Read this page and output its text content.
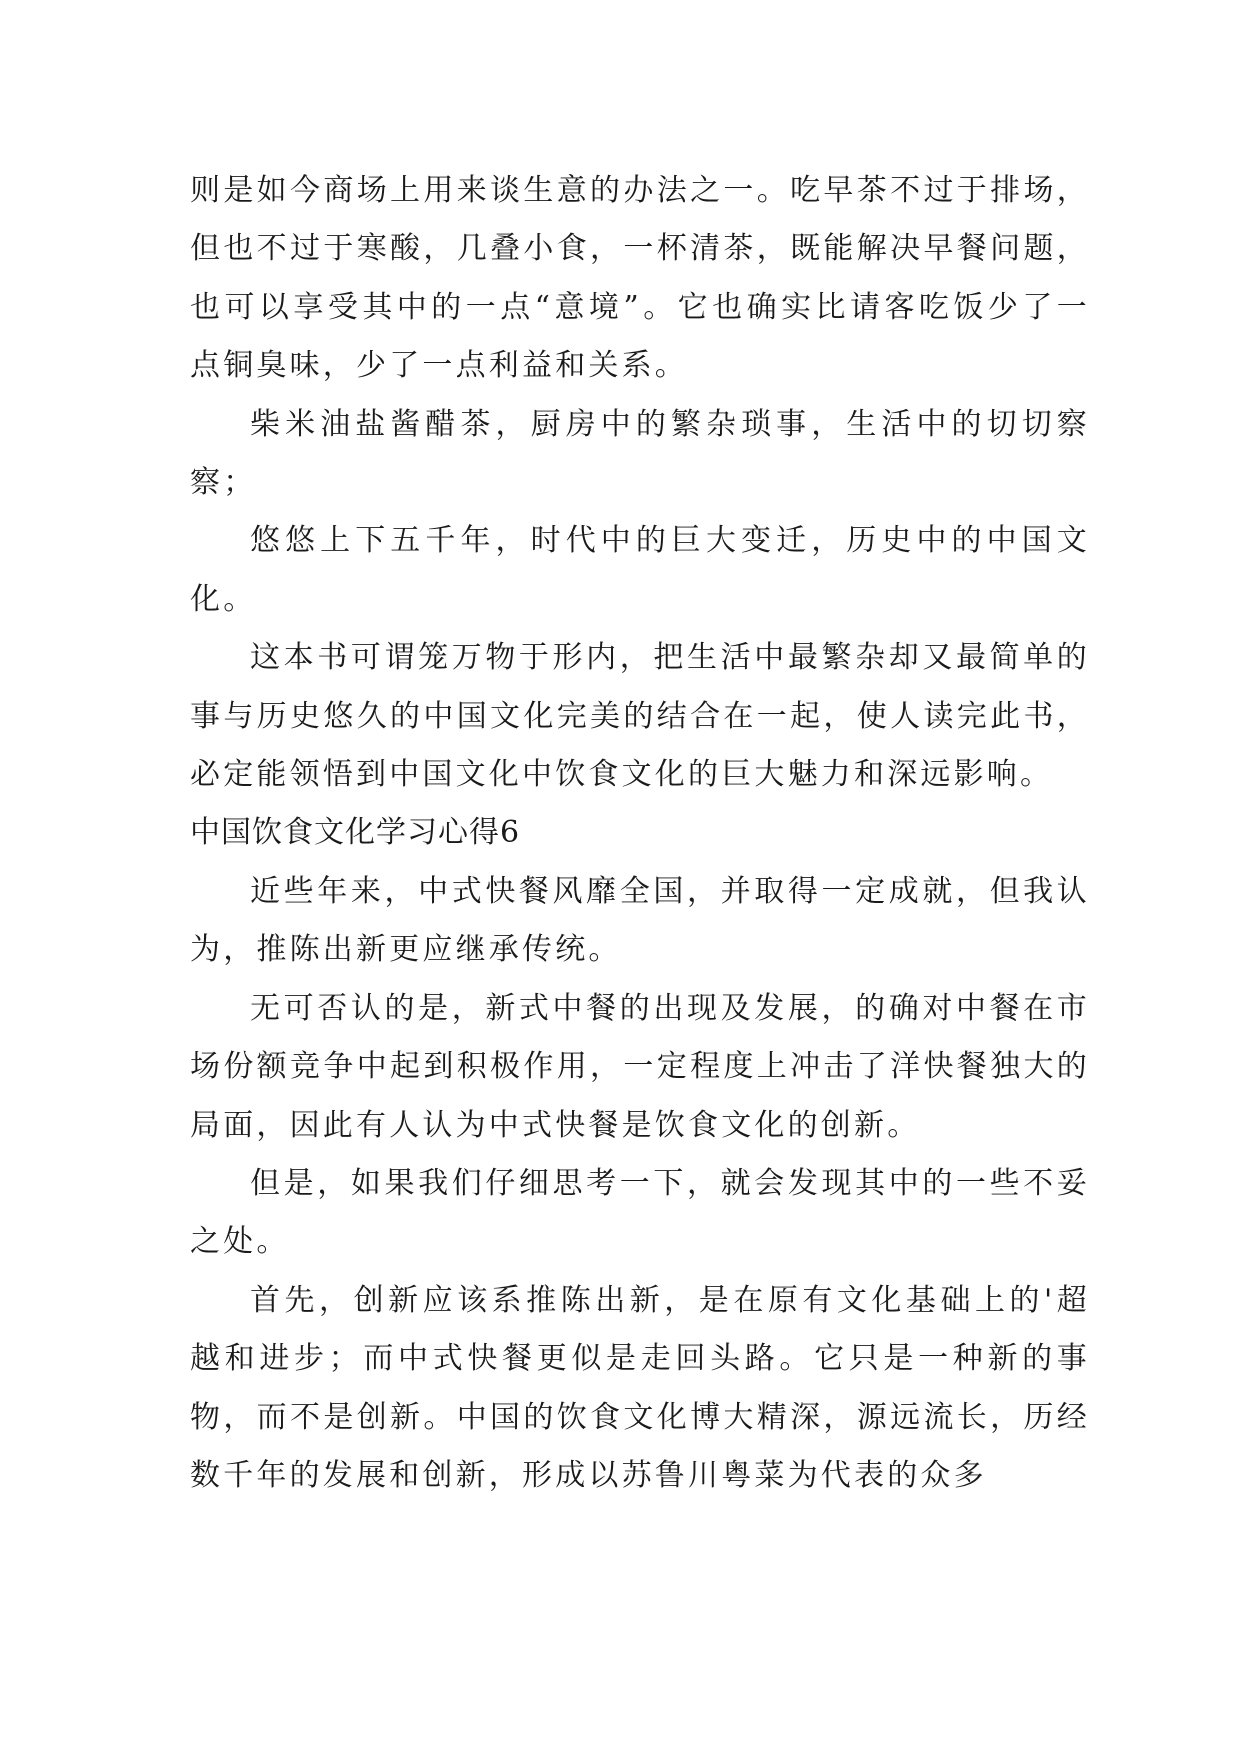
则是如今商场上用来谈生意的办法之一。吃早茶不过于排场，但也不过于寒酸，几叠小食，一杯清茶，既能解决早餐问题，也可以享受其中的一点“意境”。它也确实比请客吃饭少了一点铜臭味，少了一点利益和关系。

柴米油盐酱醋茶，厨房中的繁杂琐事，生活中的切切察察；

悠悠上下五千年，时代中的巨大变迁，历史中的中国文化。

这本书可谓笼万物于形内，把生活中最繁杂却又最简单的事与历史悠久的中国文化完美的结合在一起，使人读完此书，必定能领悟到中国文化中饮食文化的巨大魅力和深远影响。

中国饮食文化学习心得6

近些年来，中式快餐风靡全国，并取得一定成就，但我认为，推陈出新更应继承传统。

无可否认的是，新式中餐的出现及发展，的确对中餐在市场份额竞争中起到积极作用，一定程度上冲击了洋快餐独大的局面，因此有人认为中式快餐是饮食文化的创新。

但是，如果我们仔细思考一下，就会发现其中的一些不妥之处。

首先，创新应该系推陈出新，是在原有文化基础上的'超越和进步；而中式快餐更似是走回头路。它只是一种新的事物，而不是创新。中国的饮食文化博大精深，源远流长，历经数千年的发展和创新，形成以苏鲁川粤菜为代表的众多
